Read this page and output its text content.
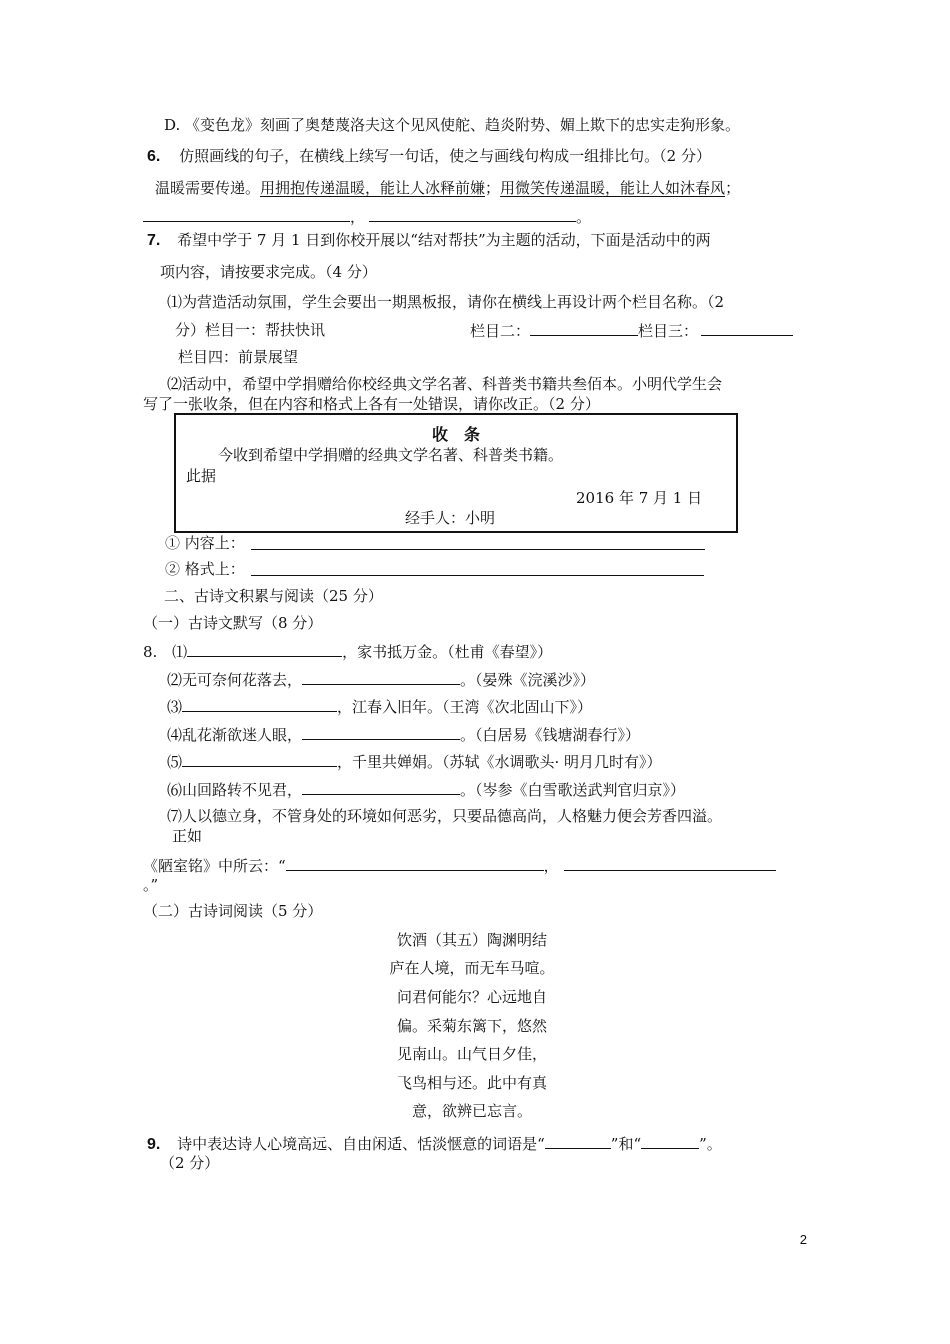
D. 《变色龙》刻画了奥楚蔑洛夫这个见风使舵、趋炎附势、媚上欺下的忠实走狗形象。
6. 仿照画线的句子，在横线上续写一句话，使之与画线句构成一组排比句。（2 分）
温暖需要传递。用拥抱传递温暖，能让人冰释前嫌；用微笑传递温暖，能让人如沐春风；
，	。
7. 希望中学于 7 月 1 日到你校开展以“结对帮扶”为主题的活动，下面是活动中的两
项内容，请按要求完成。（4 分）
⑴为营造活动氛围，学生会要出一期黑板报，请你在横线上再设计两个栏目名称。（2
分）栏目一：帮扶快讯	栏目二：	栏目三：
栏目四：前景展望
⑵活动中，希望中学捐赠给你校经典文学名著、科普类书籍共叁佰本。小明代学生会
写了一张收条，但在内容和格式上各有一处错误，请你改正。（2 分）
收　条
今收到希望中学捐赠的经典文学名著、科普类书籍。
此据
2016 年 7 月 1 日
经手人：小明
① 内容上：
② 格式上：
二、古诗文积累与阅读（25 分）
（一）古诗文默写（8 分）
8. ⑴	，家书抵万金。（杜甫《春望》）
⑵无可奈何花落去，	。（晏殊《浣溪沙》）
⑶	，江春入旧年。（王湾《次北固山下》）
⑷乱花渐欲迷人眼，	。（白居易《钱塘湖春行》）
⑸	，千里共婵娟。（苏轼《水调歌头· 明月几时有》）
⑹山回路转不见君，	。（岑参《白雪歌送武判官归京》）
⑺人以德立身，不管身处的环境如何恶劣，只要品德高尚，人格魅力便会芳香四溢。
正如
《陋室铭》中所云：“	，
。”
（二）古诗词阅读（5 分）
饮酒（其五）陶渊明结
庐在人境，而无车马喧。
问君何能尔？心远地自
偏。采菊东篱下，悠然
见南山。山气日夕佳，
飞鸟相与还。此中有真
意，欲辨已忘言。
9. 诗中表达诗人心境高远、自由闲适、恬淡惬意的词语是“	”和“	”。
（2 分）
2
